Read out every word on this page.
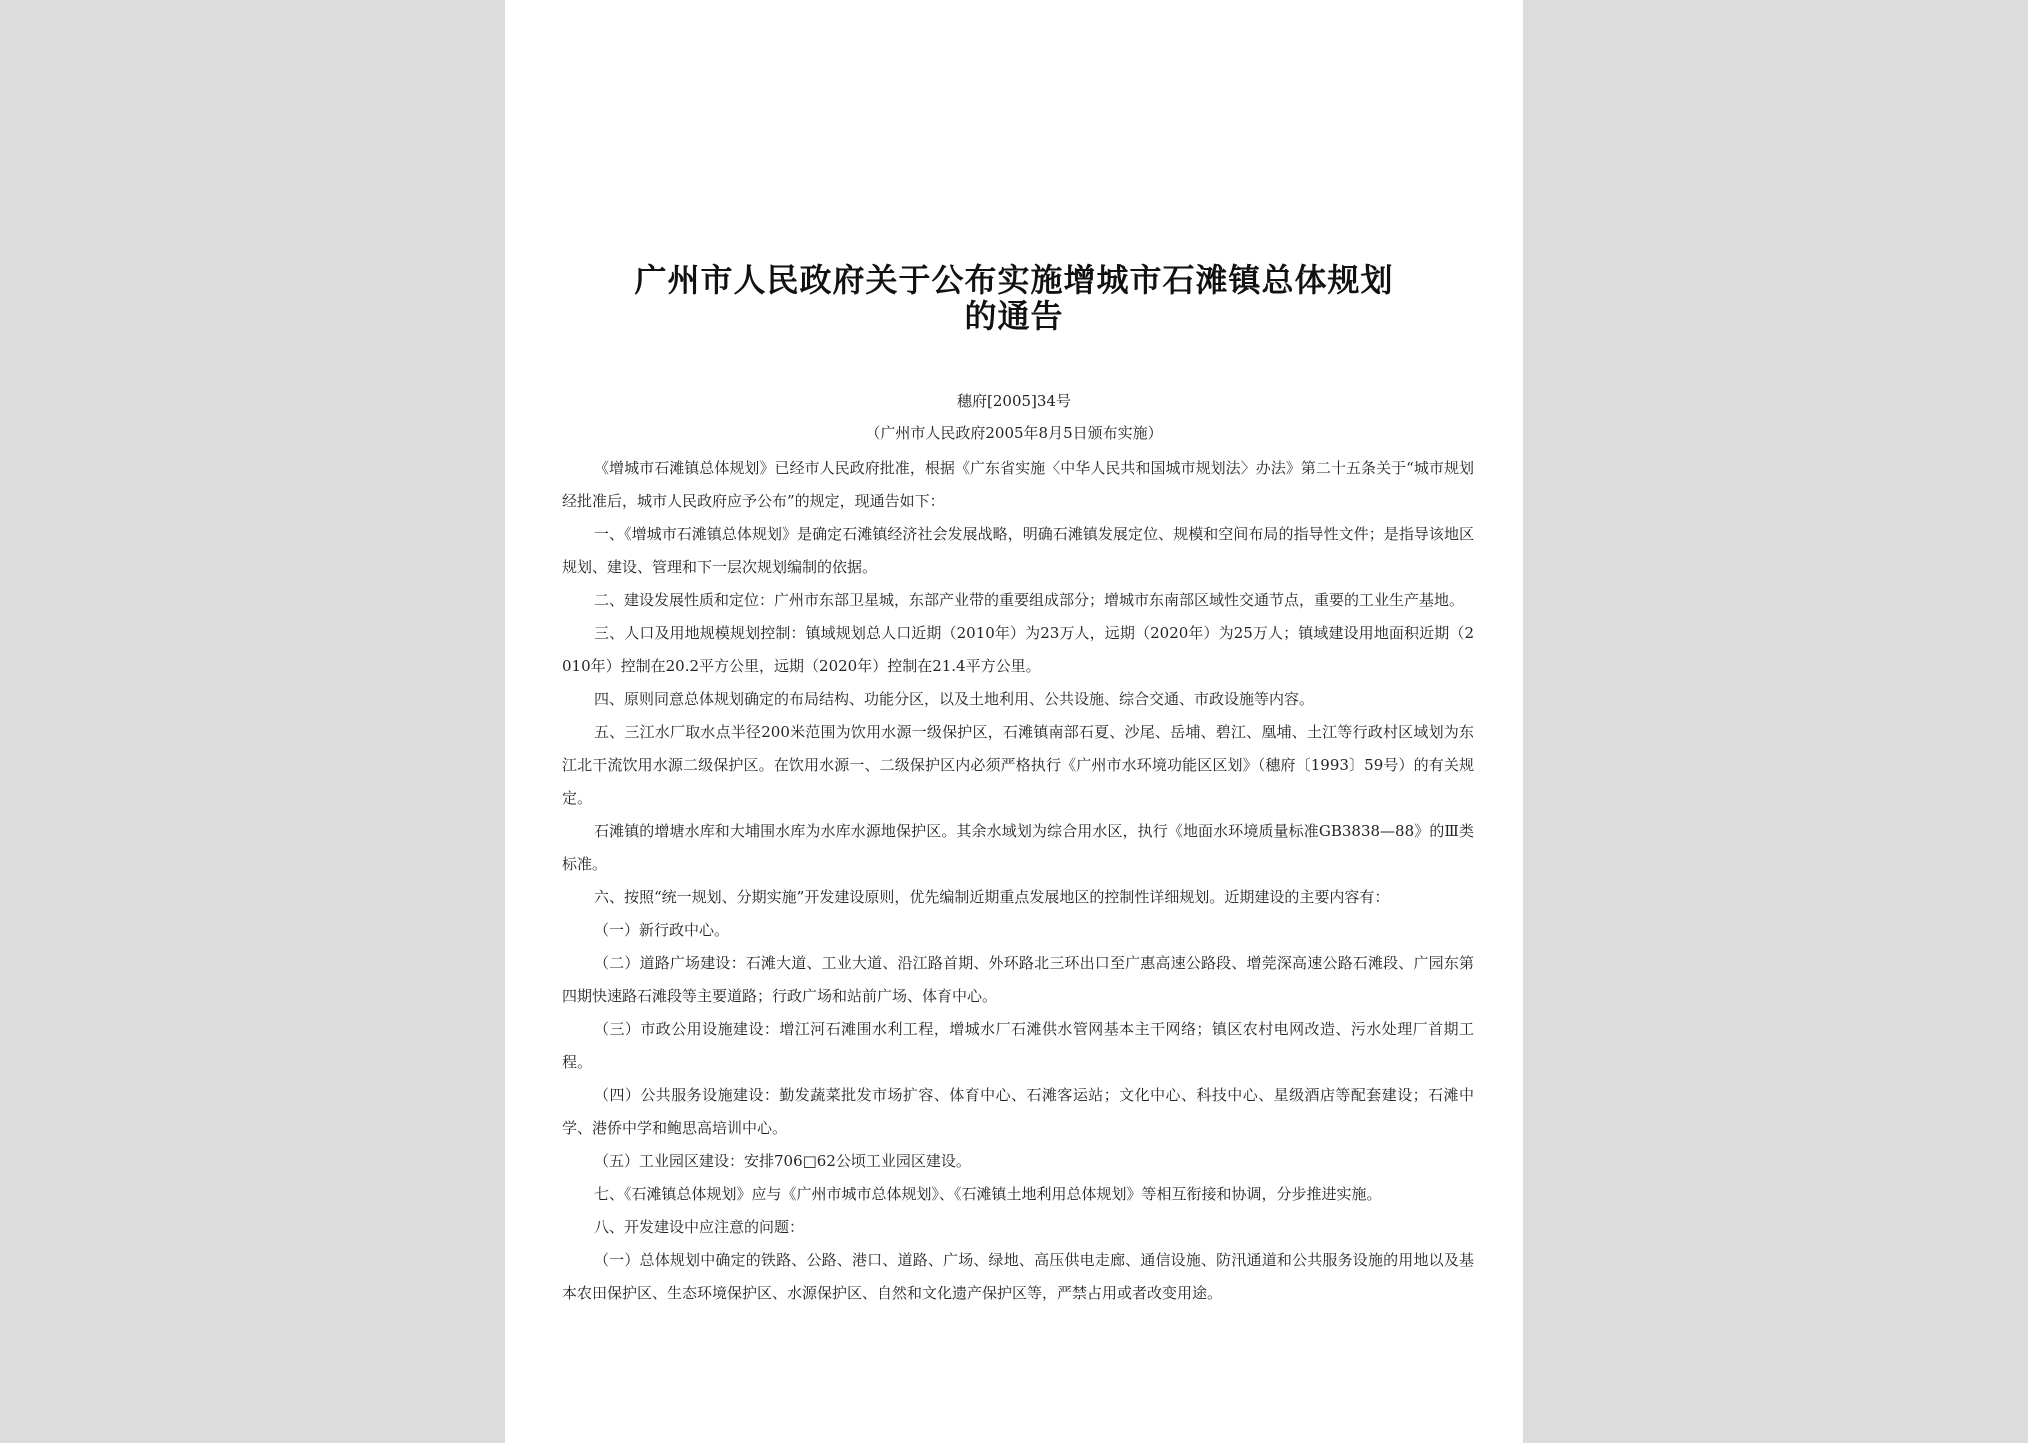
广州市人民政府关于公布实施增城市石滩镇总体规划
的通告
穗府[2005]34号
（广州市人民政府2005年8月5日颁布实施）

《增城市石滩镇总体规划》已经市人民政府批准，根据《广东省实施〈中华人民共和国城市规划法〉办法》第二十五条关于“城市规划经批准后，城市人民政府应予公布”的规定，现通告如下：

一、《增城市石滩镇总体规划》是确定石滩镇经济社会发展战略，明确石滩镇发展定位、规模和空间布局的指导性文件；是指导该地区规划、建设、管理和下一层次规划编制的依据。

二、建设发展性质和定位：广州市东部卫星城，东部产业带的重要组成部分；增城市东南部区域性交通节点，重要的工业生产基地。

三、人口及用地规模规划控制：镇域规划总人口近期（2010年）为23万人，远期（2020年）为25万人；镇域建设用地面积近期（2010年）控制在20.2平方公里，远期（2020年）控制在21.4平方公里。

四、原则同意总体规划确定的布局结构、功能分区，以及土地利用、公共设施、综合交通、市政设施等内容。

五、三江水厂取水点半径200米范围为饮用水源一级保护区，石滩镇南部石夏、沙尾、岳埔、碧江、凰埔、土江等行政村区域划为东江北干流饮用水源二级保护区。在饮用水源一、二级保护区内必须严格执行《广州市水环境功能区区划》（穗府〔1993〕59号）的有关规定。

石滩镇的增塘水库和大埔围水库为水库水源地保护区。其余水域划为综合用水区，执行《地面水环境质量标准GB3838—88》的Ⅲ类标准。

六、按照“统一规划、分期实施”开发建设原则，优先编制近期重点发展地区的控制性详细规划。近期建设的主要内容有：

（一）新行政中心。

（二）道路广场建设：石滩大道、工业大道、沿江路首期、外环路北三环出口至广惠高速公路段、增莞深高速公路石滩段、广园东第四期快速路石滩段等主要道路；行政广场和站前广场、体育中心。

（三）市政公用设施建设：增江河石滩围水利工程，增城水厂石滩供水管网基本主干网络；镇区农村电网改造、污水处理厂首期工程。

（四）公共服务设施建设：勤发蔬菜批发市场扩容、体育中心、石滩客运站；文化中心、科技中心、星级酒店等配套建设；石滩中学、港侨中学和鲍思高培训中心。

（五）工业园区建设：安排706□62公顷工业园区建设。

七、《石滩镇总体规划》应与《广州市城市总体规划》、《石滩镇土地利用总体规划》等相互衔接和协调，分步推进实施。

八、开发建设中应注意的问题：

（一）总体规划中确定的铁路、公路、港口、道路、广场、绿地、高压供电走廊、通信设施、防汛通道和公共服务设施的用地以及基本农田保护区、生态环境保护区、水源保护区、自然和文化遗产保护区等，严禁占用或者改变用途。
